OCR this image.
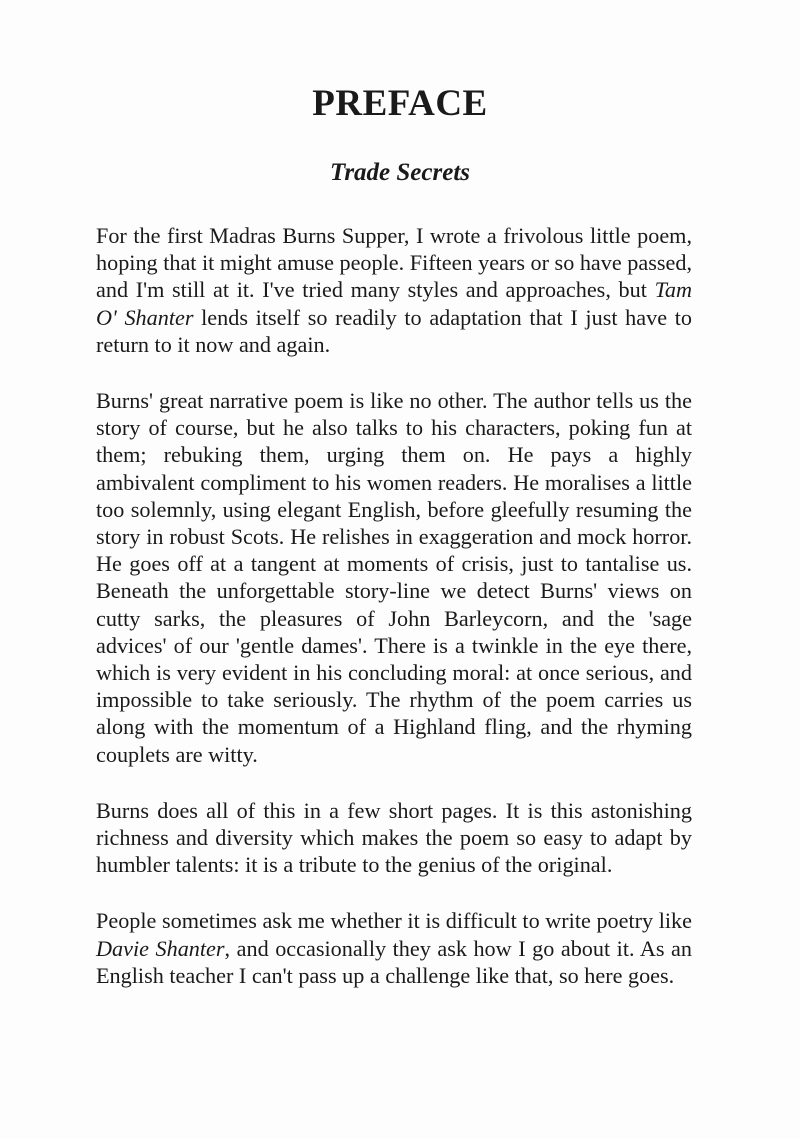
PREFACE
Trade Secrets

For the first Madras Burns Supper, I wrote a frivolous little poem, hoping that it might amuse people. Fifteen years or so have passed, and I'm still at it. I've tried many styles and approaches, but Tam O' Shanter lends itself so readily to adaptation that I just have to return to it now and again.

Burns' great narrative poem is like no other. The author tells us the story of course, but he also talks to his characters, poking fun at them; rebuking them, urging them on. He pays a highly ambivalent compliment to his women readers. He moralises a little too solemnly, using elegant English, before gleefully resuming the story in robust Scots. He relishes in exaggeration and mock horror. He goes off at a tangent at moments of crisis, just to tantalise us. Beneath the unforgettable story-line we detect Burns' views on cutty sarks, the pleasures of John Barleycorn, and the 'sage advices' of our 'gentle dames'. There is a twinkle in the eye there, which is very evident in his concluding moral: at once serious, and impossible to take seriously. The rhythm of the poem carries us along with the momentum of a Highland fling, and the rhyming couplets are witty.

Burns does all of this in a few short pages. It is this astonishing richness and diversity which makes the poem so easy to adapt by humbler talents: it is a tribute to the genius of the original.

People sometimes ask me whether it is difficult to write poetry like Davie Shanter, and occasionally they ask how I go about it. As an English teacher I can't pass up a challenge like that, so here goes.
